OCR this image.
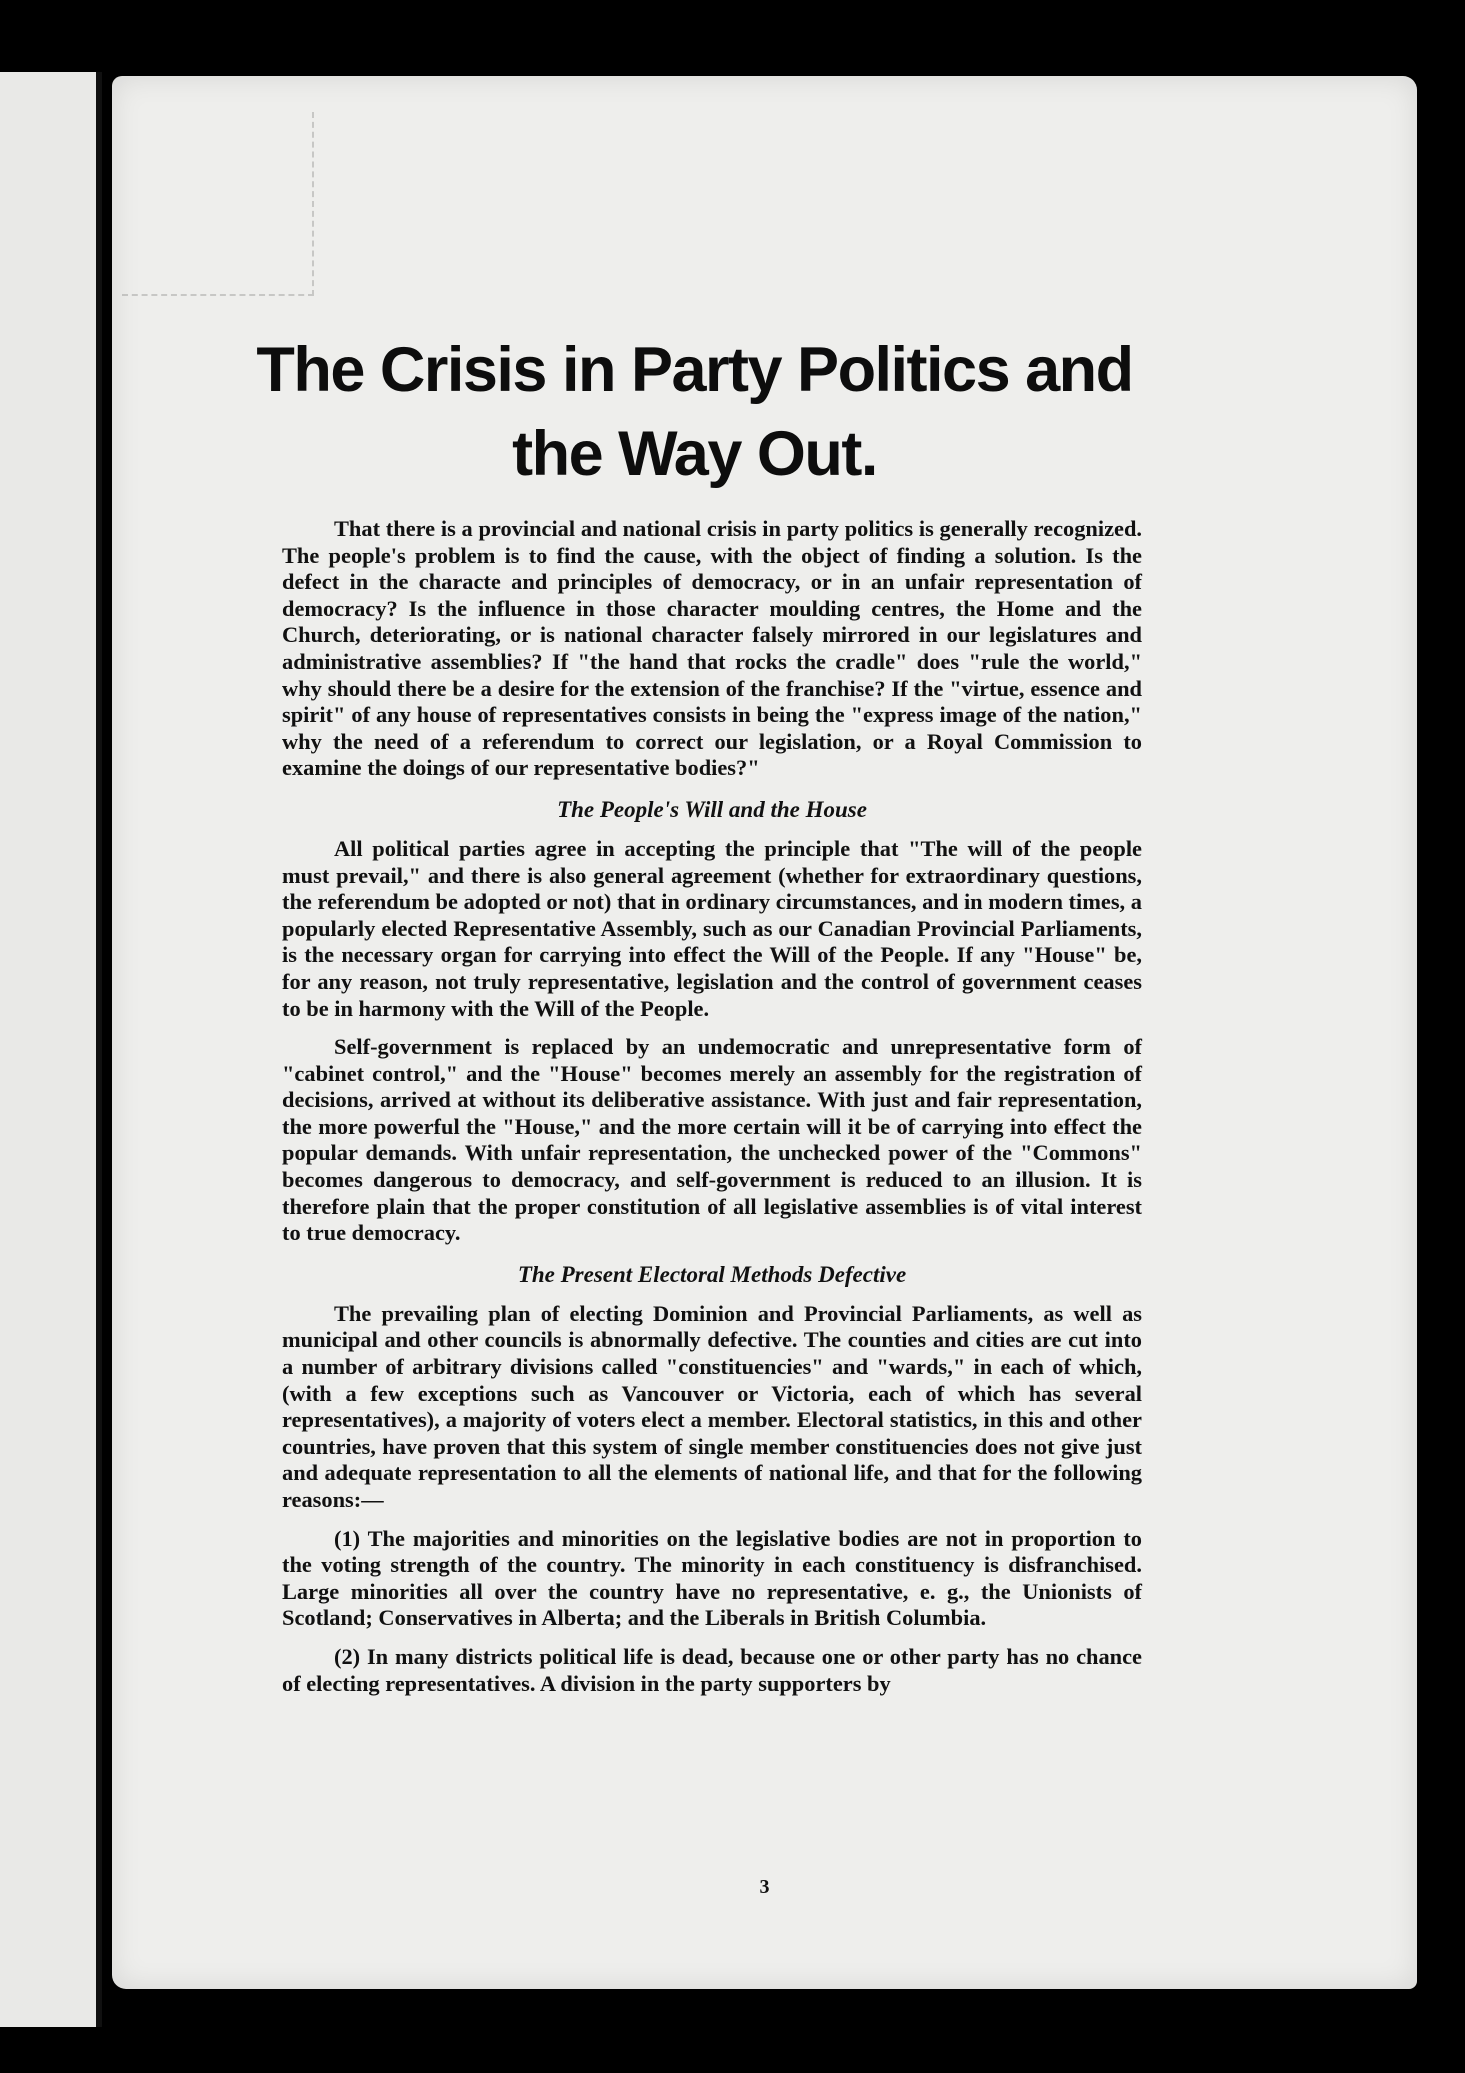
The Crisis in Party Politics and the Way Out.

That there is a provincial and national crisis in party politics is generally recognized. The people's problem is to find the cause, with the object of finding a solution. Is the defect in the characte and principles of democracy, or in an unfair representation of democracy? Is the influence in those character moulding centres, the Home and the Church, deteriorating, or is national character falsely mirrored in our legislatures and administrative assemblies? If "the hand that rocks the cradle" does "rule the world," why should there be a desire for the extension of the franchise? If the "virtue, essence and spirit" of any house of representatives consists in being the "express image of the nation," why the need of a referendum to correct our legislation, or a Royal Commission to examine the doings of our representative bodies?"

The People's Will and the House

All political parties agree in accepting the principle that "The will of the people must prevail," and there is also general agreement (whether for extraordinary questions, the referendum be adopted or not) that in ordinary circumstances, and in modern times, a popularly elected Representative Assembly, such as our Canadian Provincial Parliaments, is the necessary organ for carrying into effect the Will of the People. If any "House" be, for any reason, not truly representative, legislation and the control of government ceases to be in harmony with the Will of the People.

Self-government is replaced by an undemocratic and unrepresentative form of "cabinet control," and the "House" becomes merely an assembly for the registration of decisions, arrived at without its deliberative assistance. With just and fair representation, the more powerful the "House," and the more certain will it be of carrying into effect the popular demands. With unfair representation, the unchecked power of the "Commons" becomes dangerous to democracy, and self-government is reduced to an illusion. It is therefore plain that the proper constitution of all legislative assemblies is of vital interest to true democracy.

The Present Electoral Methods Defective

The prevailing plan of electing Dominion and Provincial Parliaments, as well as municipal and other councils is abnormally defective. The counties and cities are cut into a number of arbitrary divisions called "constituencies" and "wards," in each of which, (with a few exceptions such as Vancouver or Victoria, each of which has several representatives), a majority of voters elect a member. Electoral statistics, in this and other countries, have proven that this system of single member constituencies does not give just and adequate representation to all the elements of national life, and that for the following reasons:—

(1) The majorities and minorities on the legislative bodies are not in proportion to the voting strength of the country. The minority in each constituency is disfranchised. Large minorities all over the country have no representative, e. g., the Unionists of Scotland; Conservatives in Alberta; and the Liberals in British Columbia.

(2) In many districts political life is dead, because one or other party has no chance of electing representatives. A division in the party supporters by

3
